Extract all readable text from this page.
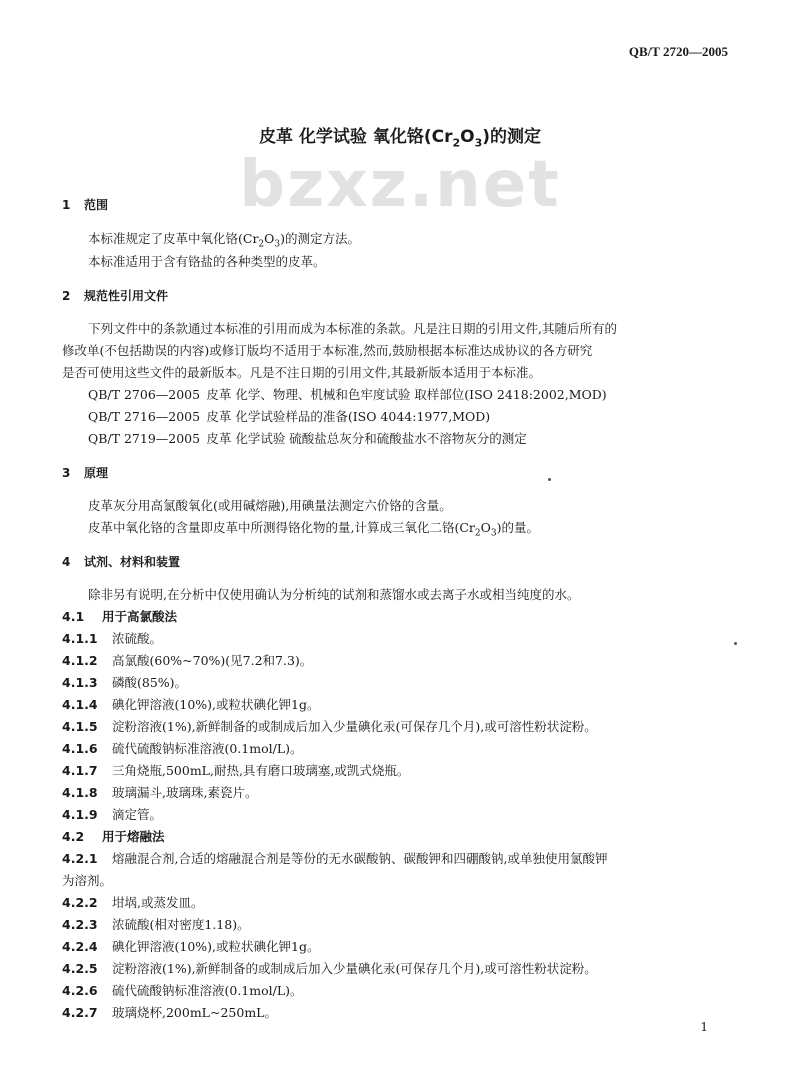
QB/T 2720—2005
bzxz.net
皮革 化学试验 氧化铬$(Cr_2O_3)$的测定
1 范围
本标准规定了皮革中氧化铬$(Cr_2O_3)$的测定方法。
本标准适用于含有铬盐的各种类型的皮革。
2 规范性引用文件
下列文件中的条款通过本标准的引用而成为本标准的条款。凡是注日期的引用文件,其随后所有的
修改单(不包括勘误的内容)或修订版均不适用于本标准,然而,鼓励根据本标准达成协议的各方研究
是否可使用这些文件的最新版本。凡是不注日期的引用文件,其最新版本适用于本标准。
QB/T 2706—2005  皮革 化学、物理、机械和色牢度试验 取样部位(ISO 2418:2002,MOD)
QB/T 2716—2005  皮革 化学试验样品的准备(ISO 4044:1977,MOD)
QB/T 2719—2005  皮革 化学试验 硫酸盐总灰分和硫酸盐水不溶物灰分的测定
3 原理
皮革灰分用高氯酸氧化(或用碱熔融),用碘量法测定六价铬的含量。
皮革中氧化铬的含量即皮革中所测得铬化物的量,计算成三氧化二铬$(Cr_2O_3)$的量。
4 试剂、材料和装置
除非另有说明,在分析中仅使用确认为分析纯的试剂和蒸馏水或去离子水或相当纯度的水。
4.1 用于高氯酸法
4.1.1 浓硫酸。
4.1.2 高氯酸(60%~70%)(见7.2和7.3)。
4.1.3 磷酸(85%)。
4.1.4 碘化钾溶液(10%),或粒状碘化钾1g。
4.1.5 淀粉溶液(1%),新鲜制备的或制成后加入少量碘化汞(可保存几个月),或可溶性粉状淀粉。
4.1.6 硫代硫酸钠标准溶液(0.1mol/L)。
4.1.7 三角烧瓶,500mL,耐热,具有磨口玻璃塞,或凯式烧瓶。
4.1.8 玻璃漏斗,玻璃珠,素瓷片。
4.1.9 滴定管。
4.2 用于熔融法
4.2.1 熔融混合剂,合适的熔融混合剂是等份的无水碳酸钠、碳酸钾和四硼酸钠,或单独使用氯酸钾
为溶剂。
4.2.2 坩埚,或蒸发皿。
4.2.3 浓硫酸(相对密度1.18)。
4.2.4 碘化钾溶液(10%),或粒状碘化钾1g。
4.2.5 淀粉溶液(1%),新鲜制备的或制成后加入少量碘化汞(可保存几个月),或可溶性粉状淀粉。
4.2.6 硫代硫酸钠标准溶液(0.1mol/L)。
4.2.7 玻璃烧杯,200mL~250mL。
1
